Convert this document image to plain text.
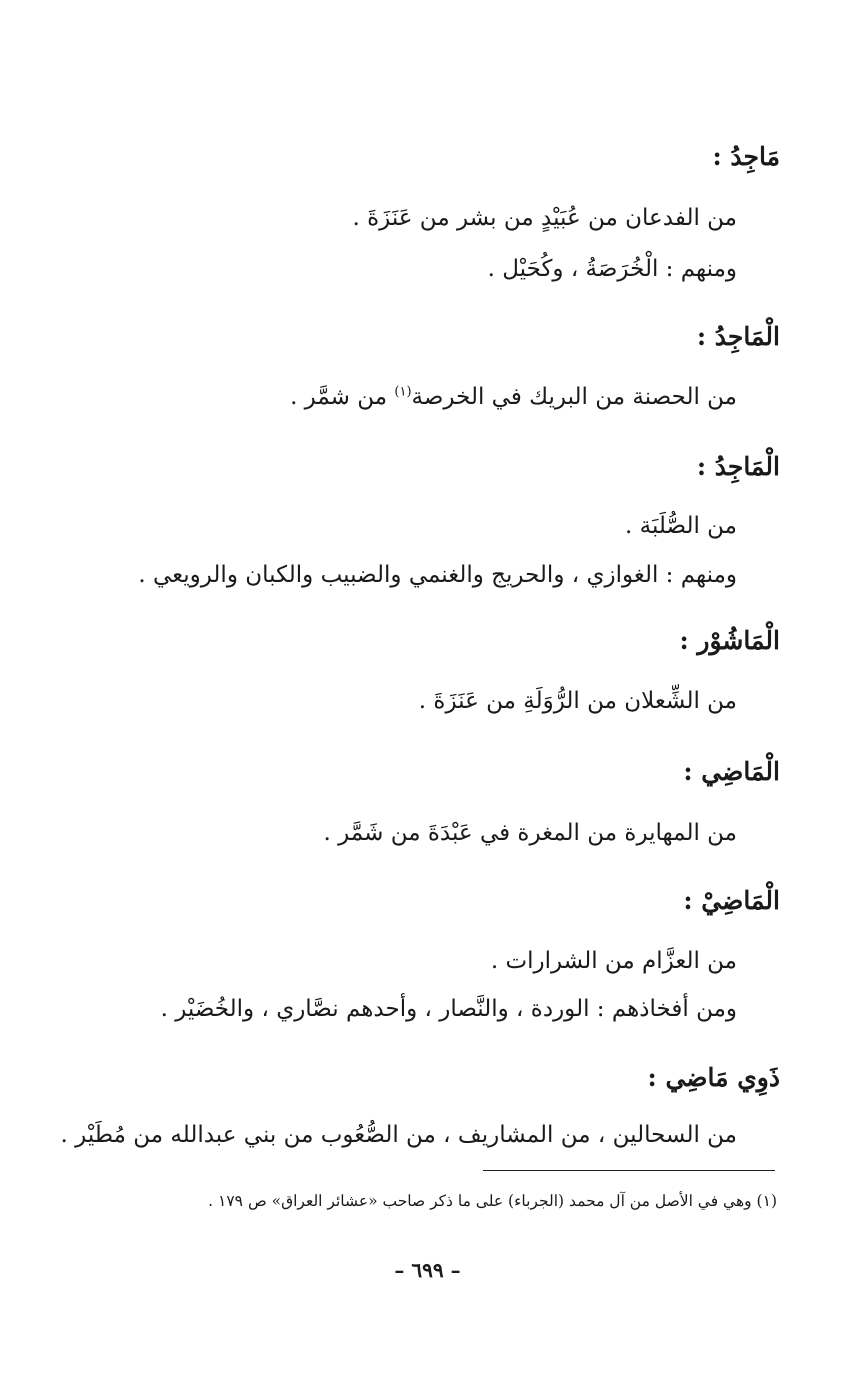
مَاجِدُ :
من الفدعان من عُبَيْدٍ من بشر من عَنَزَةَ .
ومنهم : الْخُرَصَةُ ، وكُحَيْل .
الْمَاجِدُ :
من الحصنة من البريك في الخرصة$^{(١)}$ من شمَّر .
الْمَاجِدُ :
من الصُّلَبَة .
ومنهم : الغوازي ، والحريج والغنمي والضبيب والكبان والرويعي .
الْمَاشُوْر :
من الشِّعلان من الرُّوَلَةِ من عَنَزَةَ .
الْمَاضِي :
من المهايرة من المغرة في عَبْدَةَ من شَمَّر .
الْمَاضِيْ :
من العزَّام من الشرارات .
ومن أفخاذهم : الوردة ، والنَّصار ، وأحدهم نصَّاري ، والخُضَيْر .
ذَوِي مَاضِي :
من السحالين ، من المشاريف ، من الصُّعُوب من بني عبدالله من مُطَيْر .
(١) وهي في الأصل من آل محمد (الجرباء) على ما ذكر صاحب «عشائر العراق» ص ١٧٩ .
– ٦٩٩ –
